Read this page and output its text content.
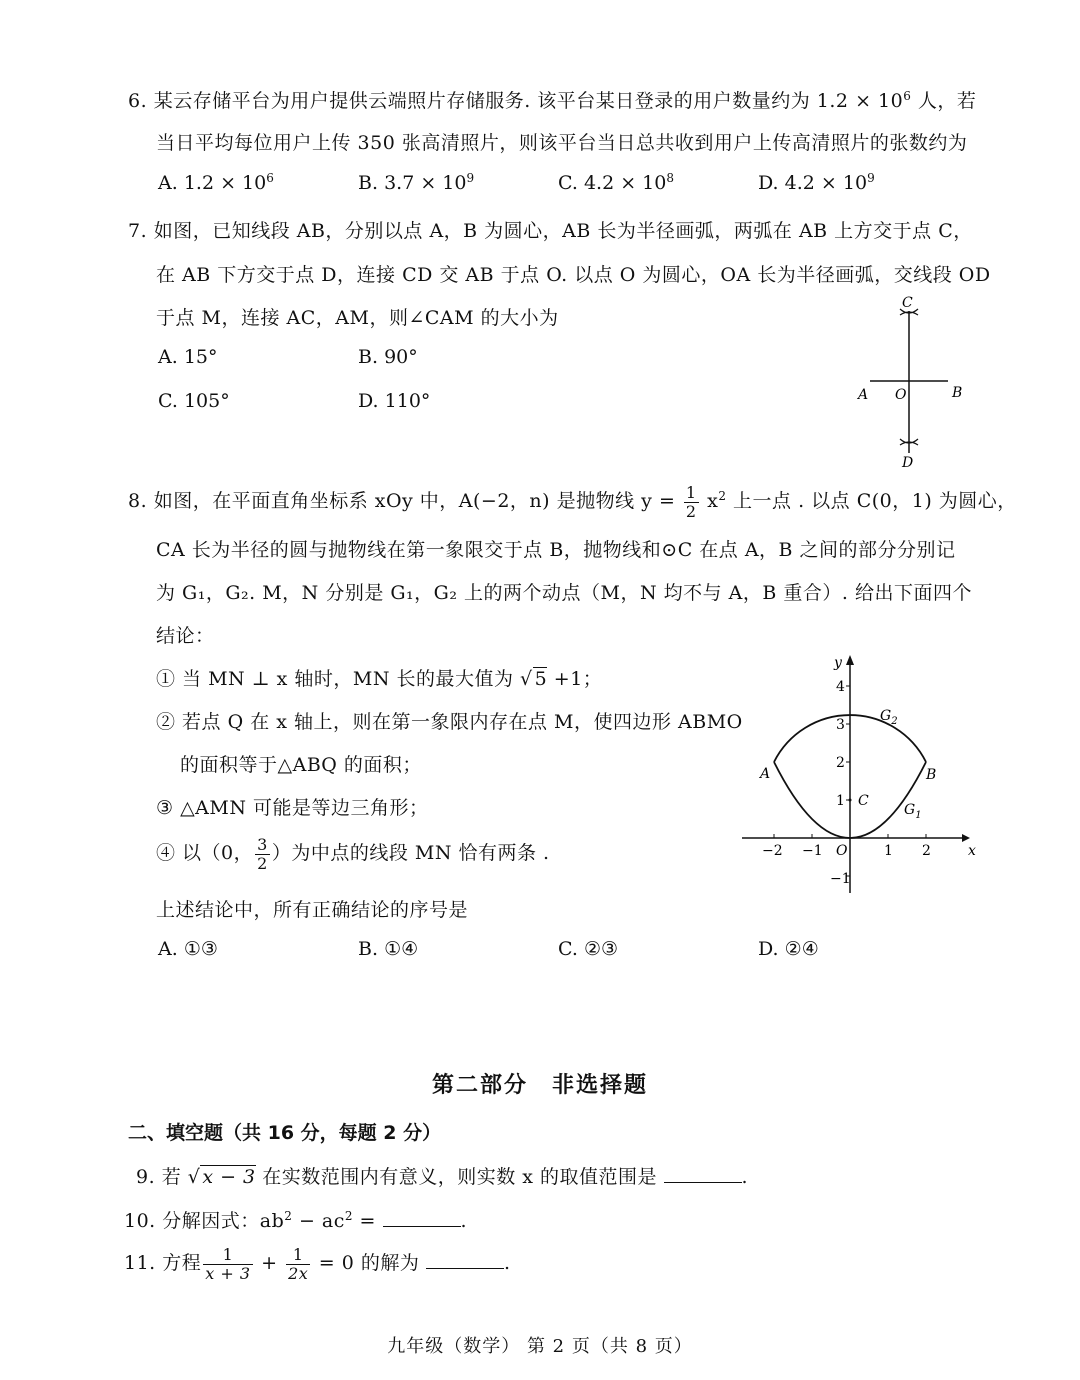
6. 某云存储平台为用户提供云端照片存储服务. 该平台某日登录的用户数量约为 $1.2 \times 10^6$ 人，若
当日平均每位用户上传 350 张高清照片，则该平台当日总共收到用户上传高清照片的张数约为
A. $1.2 \times 10^6$	B. $3.7 \times 10^9$	C. $4.2 \times 10^8$	D. $4.2 \times 10^9$
7. 如图，已知线段 AB，分别以点 A，B 为圆心，AB 长为半径画弧，两弧在 AB 上方交于点 C，
在 AB 下方交于点 D，连接 CD 交 AB 于点 O. 以点 O 为圆心，OA 长为半径画弧，交线段 OD
于点 M，连接 AC，AM，则∠CAM 的大小为
A. 15°	B. 90°
C. 105°	D. 110°
C
A O	B
D
8. 如图，在平面直角坐标系 xOy 中，A(−2，n) 是抛物线 $y = \frac{1}{2} x^2$ 上一点 . 以点 C(0，1) 为圆心，
CA 长为半径的圆与抛物线在第一象限交于点 B，抛物线和⊙C 在点 A，B 之间的部分分别记
为 G₁，G₂. M，N 分别是 G₁，G₂ 上的两个动点（M，N 均不与 A，B 重合）. 给出下面四个
结论：
① 当 MN ⊥ x 轴时，MN 长的最大值为 √ 5 +1；
② 若点 Q 在 x 轴上，则在第一象限内存在点 M，使四边形 ABMO
的面积等于△ABQ 的面积；
③ △AMN 可能是等边三角形；
④ 以（0， $\frac{3}{2}$ ）为中点的线段 MN 恰有两条 .
上述结论中，所有正确结论的序号是
A. ①③	B. ①④	C. ②③	D. ②④
x
y
4
3
2
1
−1
−2 −1	1 2
O
A	B
C
$G_2$
$G_1$
第二部分　非选择题
二、填空题（共 16 分，每题 2 分）
9. 若 √ x − 3 在实数范围内有意义，则实数 x 的取值范围是	.
10. 分解因式：$ab^2 - ac^2$ =	.
11. 方程 $\frac{1}{x + 3} + \frac{1}{2x} = 0$ 的解为	.
九年级（数学） 第 2 页（共 8 页）
